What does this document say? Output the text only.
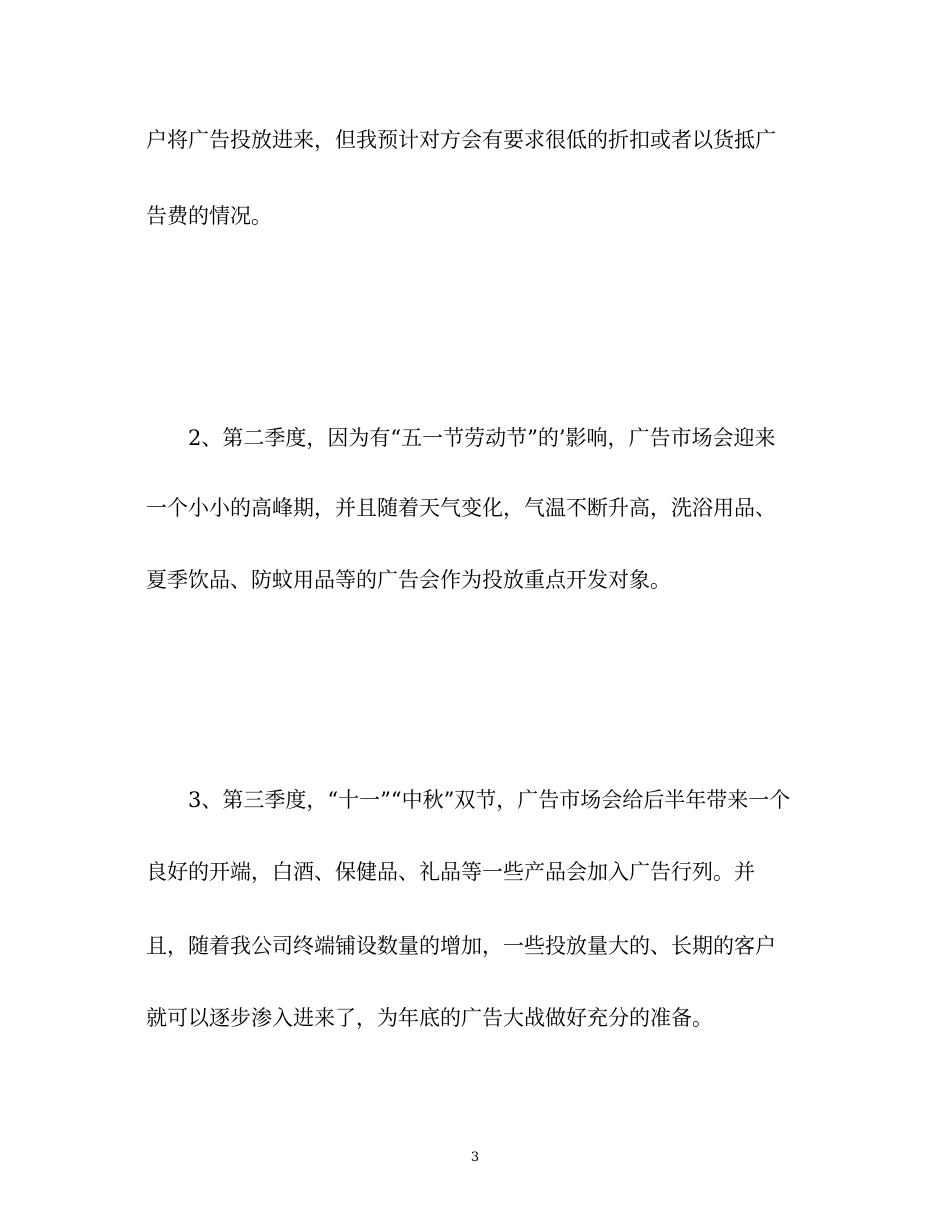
户将广告投放进来，但我预计对方会有要求很低的折扣或者以货抵广
告费的情况。
2、第二季度，因为有“五一节劳动节”的’影响，广告市场会迎来
一个小小的高峰期，并且随着天气变化，气温不断升高，洗浴用品、
夏季饮品、防蚊用品等的广告会作为投放重点开发对象。
3、第三季度，“十一”“中秋”双节，广告市场会给后半年带来一个
良好的开端，白酒、保健品、礼品等一些产品会加入广告行列。并
且，随着我公司终端铺设数量的增加，一些投放量大的、长期的客户
就可以逐步渗入进来了，为年底的广告大战做好充分的准备。
3
